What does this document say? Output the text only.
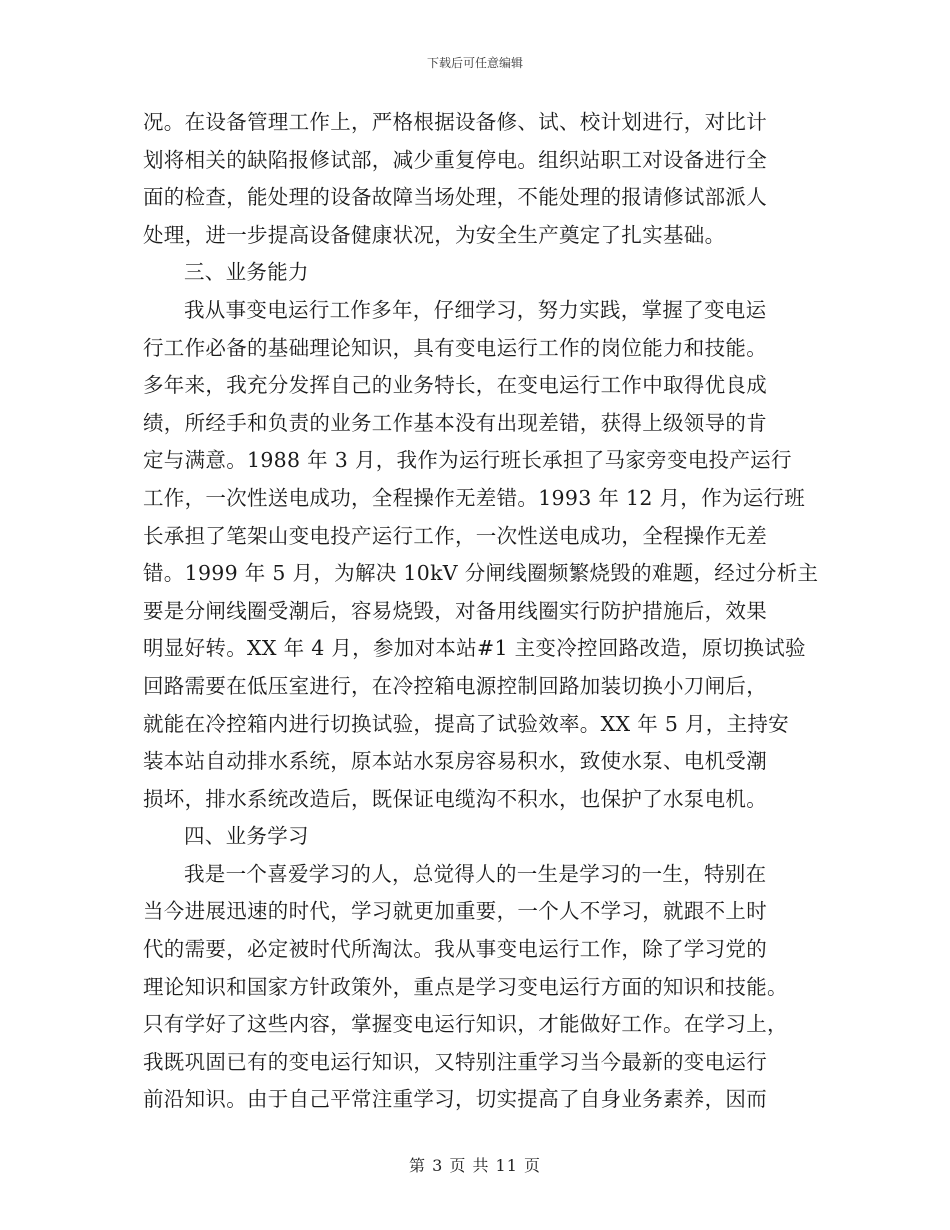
下载后可任意编辑
况。在设备管理工作上，严格根据设备修、试、校计划进行，对比计
划将相关的缺陷报修试部，减少重复停电。组织站职工对设备进行全
面的检查，能处理的设备故障当场处理，不能处理的报请修试部派人
处理，进一步提高设备健康状况，为安全生产奠定了扎实基础。
三、业务能力
我从事变电运行工作多年，仔细学习，努力实践，掌握了变电运
行工作必备的基础理论知识，具有变电运行工作的岗位能力和技能。
多年来，我充分发挥自己的业务特长，在变电运行工作中取得优良成
绩，所经手和负责的业务工作基本没有出现差错，获得上级领导的肯
定与满意。1988 年 3 月，我作为运行班长承担了马家旁变电投产运行
工作，一次性送电成功，全程操作无差错。1993 年 12 月，作为运行班
长承担了笔架山变电投产运行工作，一次性送电成功，全程操作无差
错。1999 年 5 月，为解决 10kV 分闸线圈频繁烧毁的难题，经过分析主
要是分闸线圈受潮后，容易烧毁，对备用线圈实行防护措施后，效果
明显好转。XX 年 4 月，参加对本站#1 主变冷控回路改造，原切换试验
回路需要在低压室进行，在冷控箱电源控制回路加装切换小刀闸后，
就能在冷控箱内进行切换试验，提高了试验效率。XX 年 5 月，主持安
装本站自动排水系统，原本站水泵房容易积水，致使水泵、电机受潮
损坏，排水系统改造后，既保证电缆沟不积水，也保护了水泵电机。
四、业务学习
我是一个喜爱学习的人，总觉得人的一生是学习的一生，特别在
当今进展迅速的时代，学习就更加重要，一个人不学习，就跟不上时
代的需要，必定被时代所淘汰。我从事变电运行工作，除了学习党的
理论知识和国家方针政策外，重点是学习变电运行方面的知识和技能。
只有学好了这些内容，掌握变电运行知识，才能做好工作。在学习上，
我既巩固已有的变电运行知识，又特别注重学习当今最新的变电运行
前沿知识。由于自己平常注重学习，切实提高了自身业务素养，因而
第 3 页 共 11 页
